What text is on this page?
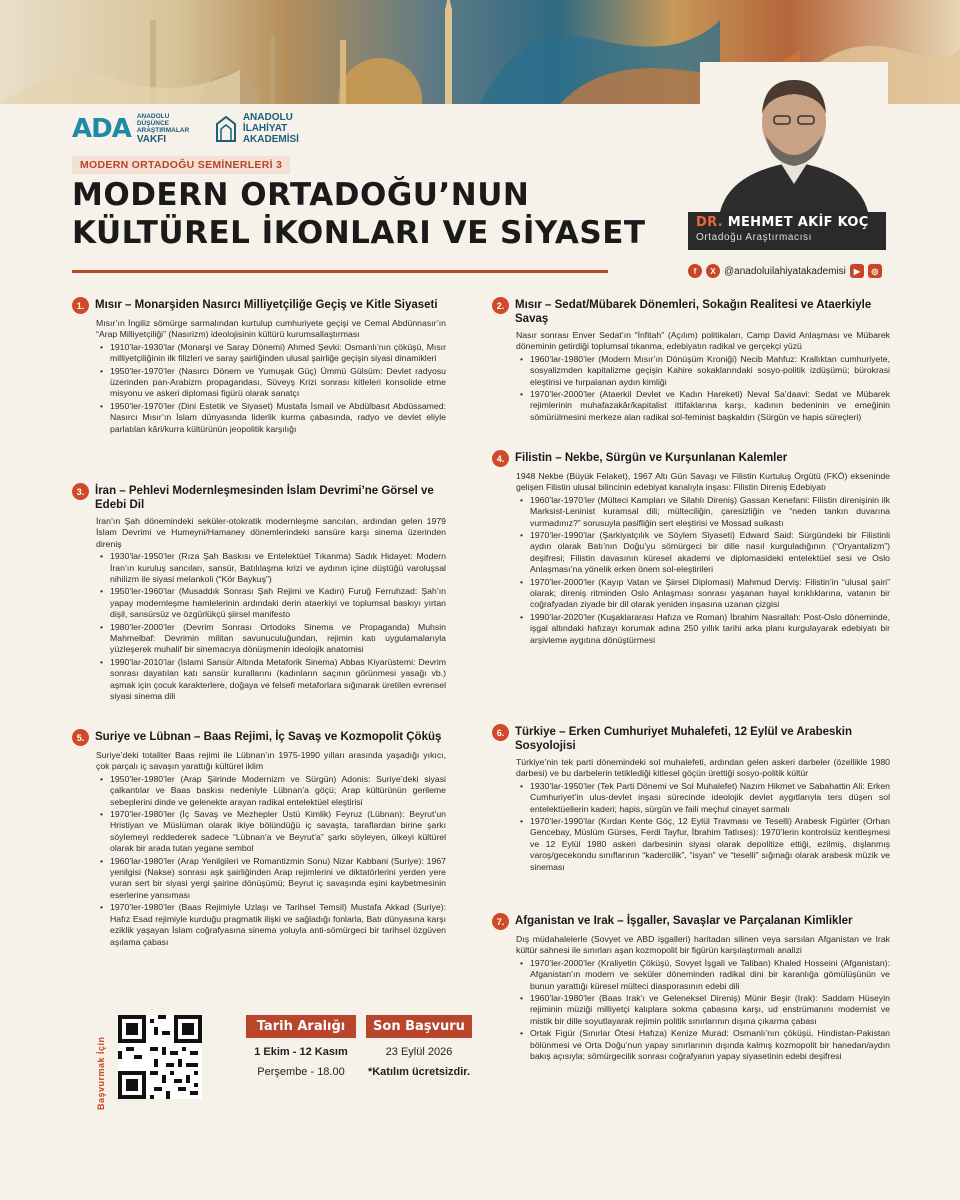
ADA ANADOLU DÜŞÜNCE ARAŞTIRMALAR
VAKFI
ANADOLU
İLAHİYAT
AKADEMİSİ
MODERN ORTADOĞU SEMİNERLERİ 3
MODERN ORTADOĞU’NUN
KÜLTÜREL İKONLARI VE SİYASET	DR. MEHMET AKİF KOÇ
Ortadoğu Araştırmacısı
f	X @anadoluilahiyatakademisi ▶	◎
1. Mısır – Monarşiden Nasırcı Milliyetçiliğe Geçiş ve Kitle Siyaseti
Mısır’ın İngiliz sömürge sarmalından kurtulup cumhuriyete geçişi ve Cemal Abdünnasır’ın “Arap Milliyetçiliği” (Nasırizm) ideolojisinin kültürü kurumsallaştırması
• 1910’lar-1930’lar (Monarşi ve Saray Dönemi) Ahmed Şevki: Osmanlı’nın çöküşü, Mısır milliyetçiliğinin ilk filizleri ve saray şairliğinden ulusal şairliğe geçişin siyasi dinamikleri
• 1950’ler-1970’ler (Nasırcı Dönem ve Yumuşak Güç) Ümmü Gülsüm: Devlet radyosu üzerinden pan-Arabizm propagandası, Süveyş Krizi sonrası kitleleri konsolide etme misyonu ve askeri diplomasi figürü olarak sanatçı
• 1950’ler-1970’ler (Dini Estetik ve Siyaset) Mustafa İsmail ve Abdülbasıt Abdüssamed: Nasırcı Mısır’ın İslam dünyasında liderlik kurma çabasında, radyo ve devlet eliyle parlatılan kâri/kurra kültürünün jeopolitik karşılığı
2. Mısır – Sedat/Mübarek Dönemleri, Sokağın Realitesi ve Ataerkiyle Savaş
Nasır sonrası Enver Sedat’ın “İnfitah” (Açılım) politikaları, Camp David Anlaşması ve Mübarek döneminin getirdiği toplumsal tıkanma, edebiyatın radikal ve gerçekçi yüzü
• 1960’lar-1980’ler (Modern Mısır’ın Dönüşüm Kroniği) Necib Mahfuz: Krallıktan cumhuriyete, sosyalizmden kapitalizme geçişin Kahire sokaklarındaki sosyo-politik izdüşümü; bürokrasi eleştirisi ve hırpalanan aydın kimliği
• 1970’ler-2000’ler (Ataerkil Devlet ve Kadın Hareketi) Neval Sa’daavi: Sedat ve Mübarek rejimlerinin muhafazakâr/kapitalist ittifaklarına karşı, kadının bedeninin ve emeğinin sömürülmesini merkeze alan radikal sol-feminist başkaldırı (Sürgün ve hapis süreçleri)
3. İran – Pehlevi Modernleşmesinden İslam Devrimi’ne Görsel ve Edebi Dil
İran’ın Şah dönemindeki seküler-otokratik modernleşme sancıları, ardından gelen 1979 İslam Devrimi ve Humeyni/Hamaney dönemlerindeki sansüre karşı sinema üzerinden direniş
• 1930’lar-1950’ler (Rıza Şah Baskısı ve Entelektüel Tıkanma) Sadık Hidayet: Modern İran’ın kuruluş sancıları, sansür, Batılılaşma krizi ve aydının içine düştüğü varoluşsal nihilizm ile siyasi melankoli (“Kör Baykuş”)
• 1950’ler-1960’lar (Musaddık Sonrası Şah Rejimi ve Kadın) Furuğ Ferruhzad: Şah’ın yapay modernleşme hamlelerinin ardındaki derin ataerkiyi ve toplumsal baskıyı yırtan dişil, sansürsüz ve özgürlükçü şiirsel manifesto
• 1980’ler-2000’ler (Devrim Sonrası Ortodoks Sinema ve Propaganda) Muhsin Mahmelbaf: Devrimin militan savunuculuğundan, rejimin katı uygulamalarıyla yüzleşerek muhalif bir sinemacıya dönüşmenin ideolojik anatomisi
• 1990’lar-2010’lar (İslami Sansür Altında Metaforik Sinema) Abbas Kiyarüstemi: Devrim sonrası dayatılan katı sansür kurallarını (kadınların saçının görünmesi yasağı vb.) aşmak için çocuk karakterlere, doğaya ve felsefi metaforlara sığınarak üretilen evrensel siyasi sinema dili
4. Filistin – Nekbe, Sürgün ve Kurşunlanan Kalemler
1948 Nekbe (Büyük Felaket), 1967 Altı Gün Savaşı ve Filistin Kurtuluş Örgütü (FKÖ) ekseninde gelişen Filistin ulusal bilincinin edebiyat kanalıyla inşası: Filistin Direniş Edebiyatı
• 1960’lar-1970’ler (Mülteci Kampları ve Silahlı Direniş) Gassan Kenefani: Filistin direnişinin ilk Marksist-Leninist kuramsal dili; mülteciliğin, çaresizliğin ve “neden tankın duvarına vurmadınız?” sorusuyla pasifliğin sert eleştirisi ve Mossad suikastı
• 1970’ler-1990’lar (Şarkiyatçılık ve Söylem Siyaseti) Edward Said: Sürgündeki bir Filistinli aydın olarak Batı’nın Doğu’yu sömürgeci bir dille nasıl kurguladığının (“Oryantalizm”) deşifresi; Filistin davasının küresel akademi ve diplomasideki entelektüel sesi ve Oslo Anlaşması’na yönelik erken önem sol-eleştirileri
• 1970’ler-2000’ler (Kayıp Vatan ve Şiirsel Diplomasi) Mahmud Derviş: Filistin’in “ulusal şairi” olarak; direniş ritminden Oslo Anlaşması sonrası yaşanan hayal kırıklıklarına, vatanın bir coğrafyadan ziyade bir dil olarak yeniden inşasına uzanan çizgisi
• 1990’lar-2020’ler (Kuşaklararası Hafıza ve Roman) İbrahim Nasrallah: Post-Oslo döneminde, işgal altındaki hafızayı korumak adına 250 yıllık tarihi arka planı kurgulayarak edebiyatı bir arşivleme aygıtına dönüştürmesi
5. Suriye ve Lübnan – Baas Rejimi, İç Savaş ve Kozmopolit Çöküş
Suriye’deki totaliter Baas rejimi ile Lübnan’ın 1975-1990 yılları arasında yaşadığı yıkıcı, çok parçalı iç savaşın yarattığı kültürel iklim
• 1950’ler-1980’ler (Arap Şiirinde Modernizm ve Sürgün) Adonis: Suriye’deki siyasi çalkantılar ve Baas baskısı nedeniyle Lübnan’a göçü; Arap kültürünün gerileme sebeplerini dinde ve gelenekte arayan radikal entelektüel eleştirisi
• 1970’ler-1980’ler (İç Savaş ve Mezhepler Üstü Kimlik) Feyruz (Lübnan): Beyrut’un Hristiyan ve Müslüman olarak ikiye bölündüğü iç savaşta, taraflardan birine şarkı söylemeyi reddederek sadece “Lübnan’a ve Beyrut’a” şarkı söyleyen, ülkeyi kültürel olarak bir arada tutan yegane sembol
• 1960’lar-1980’ler (Arap Yenilgileri ve Romantizmin Sonu) Nizar Kabbani (Suriye): 1967 yenilgisi (Nakse) sonrası aşk şairliğinden Arap rejimlerini ve diktatörlerini yerden yere vuran sert bir siyasi yergi şairine dönüşümü; Beyrut iç savaşında eşini kaybetmesinin eserlerine yansıması
• 1970’ler-1980’ler (Baas Rejimiyle Uzlaşı ve Tarihsel Temsil) Mustafa Akkad (Suriye): Hafız Esad rejimiyle kurduğu pragmatik ilişki ve sağladığı fonlarla, Batı dünyasına karşı eziklik yaşayan İslam coğrafyasına sinema yoluyla anti-sömürgeci bir tarihsel özgüven aşılama çabası
6. Türkiye – Erken Cumhuriyet Muhalefeti, 12 Eylül ve Arabeskin Sosyolojisi
Türkiye’nin tek parti dönemindeki sol muhalefeti, ardından gelen askeri darbeler (özellikle 1980 darbesi) ve bu darbelerin tetiklediği kitlesel göçün ürettiği sosyo-politik kültür
• 1930’lar-1950’ler (Tek Parti Dönemi ve Sol Muhalefet) Nazım Hikmet ve Sabahattin Ali: Erken Cumhuriyet’in ulus-devlet inşası sürecinde ideolojik devlet aygıtlarıyla ters düşen sol entelektüellerin kaderi; hapis, sürgün ve faili meçhul cinayet sarmalı
• 1970’ler-1990’lar (Kırdan Kente Göç, 12 Eylül Travması ve Teselli) Arabesk Figürler (Orhan Gencebay, Müslüm Gürses, Ferdi Tayfur, İbrahim Tatlıses): 1970’lerin kontrolsüz kentleşmesi ve 12 Eylül 1980 askeri darbesinin siyasi olarak depolitize ettiği, ezilmiş, dışlanmış varoş/gecekondu sınıflarının “kadercilik”, “isyan” ve “teselli” sığınağı olarak arabesk müzik ve sineması
7. Afganistan ve Irak – İşgaller, Savaşlar ve Parçalanan Kimlikler
Dış müdahalelerle (Sovyet ve ABD işgalleri) haritadan silinen veya sarsılan Afganistan ve Irak kültür sahnesi ile sınırları aşan kozmopolit bir figürün karşılaştırmalı analizi
• 1970’ler-2000’ler (Kraliyetin Çöküşü, Sovyet İşgali ve Taliban) Khaled Hosseini (Afganistan): Afganistan’ın modern ve seküler döneminden radikal dini bir karanlığa gömülüşünün ve bunun yarattığı küresel mülteci diasporasının edebi dili
• 1960’lar-1980’ler (Baas Irak’ı ve Geleneksel Direniş) Münir Beşir (Irak): Saddam Hüseyin rejiminin müziği milliyetçi kalıplara sokma çabasına karşı, ud enstrümanını modernist ve mistik bir dille soyutlayarak rejimin politik sınırlarının dışına çıkarma çabası
• Ortak Figür (Sınırlar Ötesi Hafıza) Kenize Murad: Osmanlı’nın çöküşü, Hindistan-Pakistan bölünmesi ve Orta Doğu’nun yapay sınırlarının dışında kalmış kozmopolit bir hanedan/aydın bakış açısıyla; sömürgecilik sonrası coğrafyanın yapay siyasetinin edebi deşifresi
Başvurmak İçin
Tarih Aralığı
1 Ekim - 12 Kasım
Perşembe - 18.00
Son Başvuru
23 Eylül 2026
*Katılım ücretsizdir.
